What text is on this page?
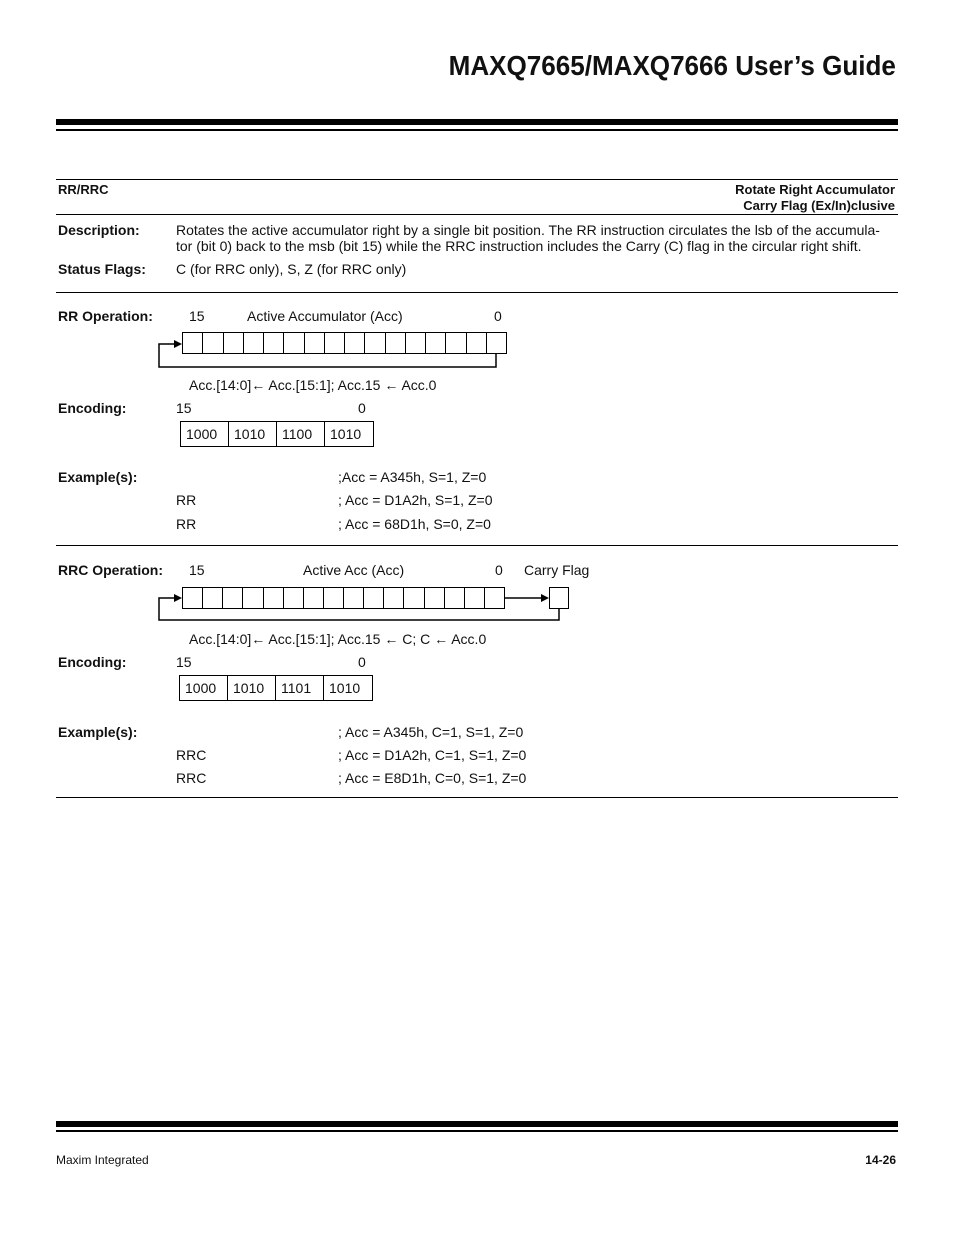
MAXQ7665/MAXQ7666 User’s Guide
RR/RRC	Rotate Right Accumulator
Carry Flag (Ex/In)clusive
Description:	Rotates the active accumulator right by a single bit position. The RR instruction circulates the lsb of the accumula-
tor (bit 0) back to the msb (bit 15) while the RRC instruction includes the Carry (C) flag in the circular right shift.
Status Flags: C (for RRC only), S, Z (for RRC only)
RR Operation:	15	Active Accumulator (Acc)	0
Acc.[14:0]← Acc.[15:1]; Acc.15 ← Acc.0
Encoding:	15	0
1000	1010	1100	1010
Example(s):	;Acc = A345h, S=1, Z=0
RR	; Acc = D1A2h, S=1, Z=0
RR	; Acc = 68D1h, S=0, Z=0
RRC Operation: 15	Active Acc (Acc)	0 Carry Flag
Acc.[14:0]← Acc.[15:1]; Acc.15 ← C; C ← Acc.0
Encoding:	15	0
1000	1010	1101	1010
Example(s):	; Acc = A345h, C=1, S=1, Z=0
RRC	; Acc = D1A2h, C=1, S=1, Z=0
RRC	; Acc = E8D1h, C=0, S=1, Z=0
Maxim Integrated	14-26
